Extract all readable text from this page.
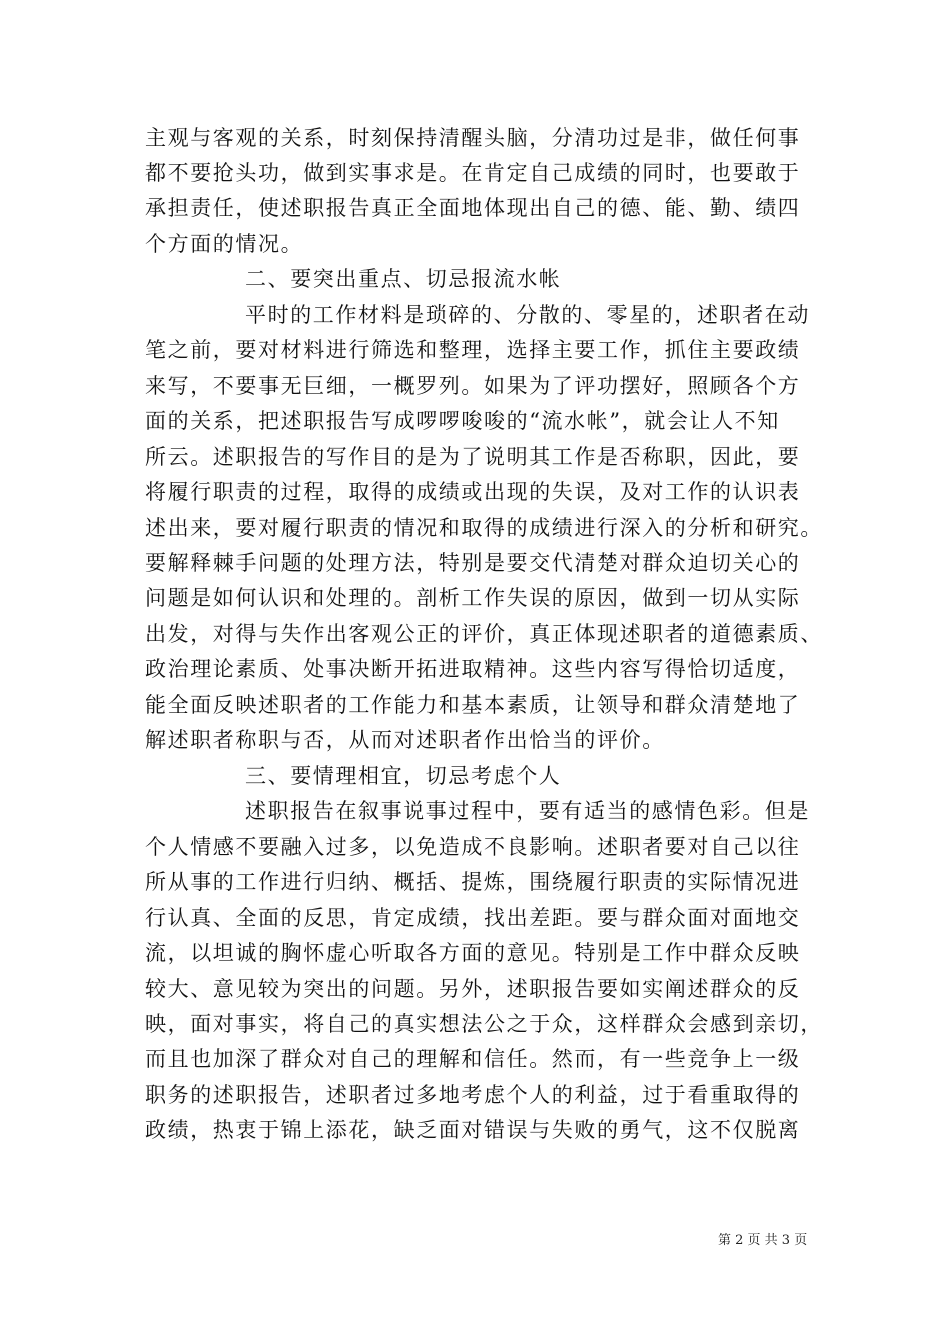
主观与客观的关系，时刻保持清醒头脑，分清功过是非，做任何事
都不要抢头功，做到实事求是。在肯定自己成绩的同时，也要敢于
承担责任，使述职报告真正全面地体现出自己的德、能、勤、绩四
个方面的情况。
二、要突出重点、切忌报流水帐
平时的工作材料是琐碎的、分散的、零星的，述职者在动
笔之前，要对材料进行筛选和整理，选择主要工作，抓住主要政绩
来写，不要事无巨细，一概罗列。如果为了评功摆好，照顾各个方
面的关系，把述职报告写成啰啰唆唆的“流水帐”，就会让人不知
所云。述职报告的写作目的是为了说明其工作是否称职，因此，要
将履行职责的过程，取得的成绩或出现的失误，及对工作的认识表
述出来，要对履行职责的情况和取得的成绩进行深入的分析和研究。
要解释棘手问题的处理方法，特别是要交代清楚对群众迫切关心的
问题是如何认识和处理的。剖析工作失误的原因，做到一切从实际
出发，对得与失作出客观公正的评价，真正体现述职者的道德素质、
政治理论素质、处事决断开拓进取精神。这些内容写得恰切适度，
能全面反映述职者的工作能力和基本素质，让领导和群众清楚地了
解述职者称职与否，从而对述职者作出恰当的评价。
三、要情理相宜，切忌考虑个人
述职报告在叙事说事过程中，要有适当的感情色彩。但是
个人情感不要融入过多，以免造成不良影响。述职者要对自己以往
所从事的工作进行归纳、概括、提炼，围绕履行职责的实际情况进
行认真、全面的反思，肯定成绩，找出差距。要与群众面对面地交
流，以坦诚的胸怀虚心听取各方面的意见。特别是工作中群众反映
较大、意见较为突出的问题。另外，述职报告要如实阐述群众的反
映，面对事实，将自己的真实想法公之于众，这样群众会感到亲切，
而且也加深了群众对自己的理解和信任。然而，有一些竞争上一级
职务的述职报告，述职者过多地考虑个人的利益，过于看重取得的
政绩，热衷于锦上添花，缺乏面对错误与失败的勇气，这不仅脱离
第 2 页 共 3 页
